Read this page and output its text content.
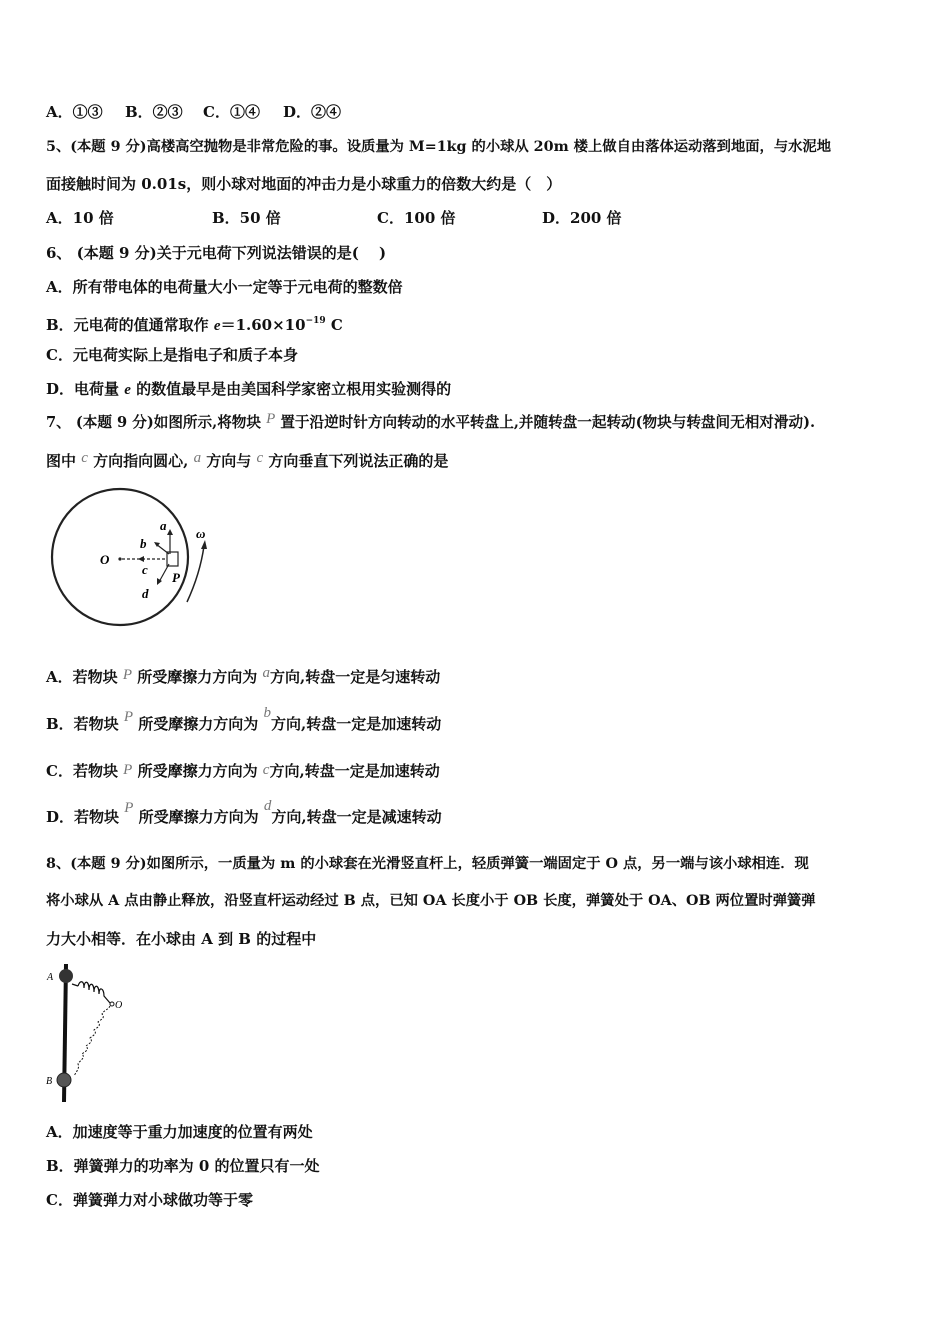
A．①③ B．②③ C．①④ D．②④
5、(本题 9 分)高楼高空抛物是非常危险的事。设质量为 M=1kg 的小球从 20m 楼上做自由落体运动落到地面，与水泥地
面接触时间为 0.01s，则小球对地面的冲击力是小球重力的倍数大约是（　）
A．10 倍	B．50 倍	C．100 倍	D．200 倍
6、 (本题 9 分)关于元电荷下列说法错误的是(　 )
A．所有带电体的电荷量大小一定等于元电荷的整数倍
B．元电荷的值通常取作 $e=1.60\times 10^{-19}$ C
C．元电荷实际上是指电子和质子本身
D．电荷量 e 的数值最早是由美国科学家密立根用实验测得的
7、 (本题 9 分)如图所示,将物块 P 置于沿逆时针方向转动的水平转盘上,并随转盘一起转动(物块与转盘间无相对滑动).
图中 c 方向指向圆心, a 方向与 c 方向垂直下列说法正确的是
O
a
b
c
d
P
ω
A．若物块 P 所受摩擦力方向为 a方向,转盘一定是匀速转动
B．若物块 P 所受摩擦力方向为 b方向,转盘一定是加速转动
C．若物块 P 所受摩擦力方向为 c方向,转盘一定是加速转动
D．若物块 P 所受摩擦力方向为 d方向,转盘一定是减速转动
8、(本题 9 分)如图所示，一质量为 m 的小球套在光滑竖直杆上，轻质弹簧一端固定于 O 点，另一端与该小球相连．现
将小球从 A 点由静止释放，沿竖直杆运动经过 B 点，已知 OA 长度小于 OB 长度，弹簧处于 OA、OB 两位置时弹簧弹
力大小相等．在小球由 A 到 B 的过程中
A
B
O
A．加速度等于重力加速度的位置有两处
B．弹簧弹力的功率为 0 的位置只有一处
C．弹簧弹力对小球做功等于零
